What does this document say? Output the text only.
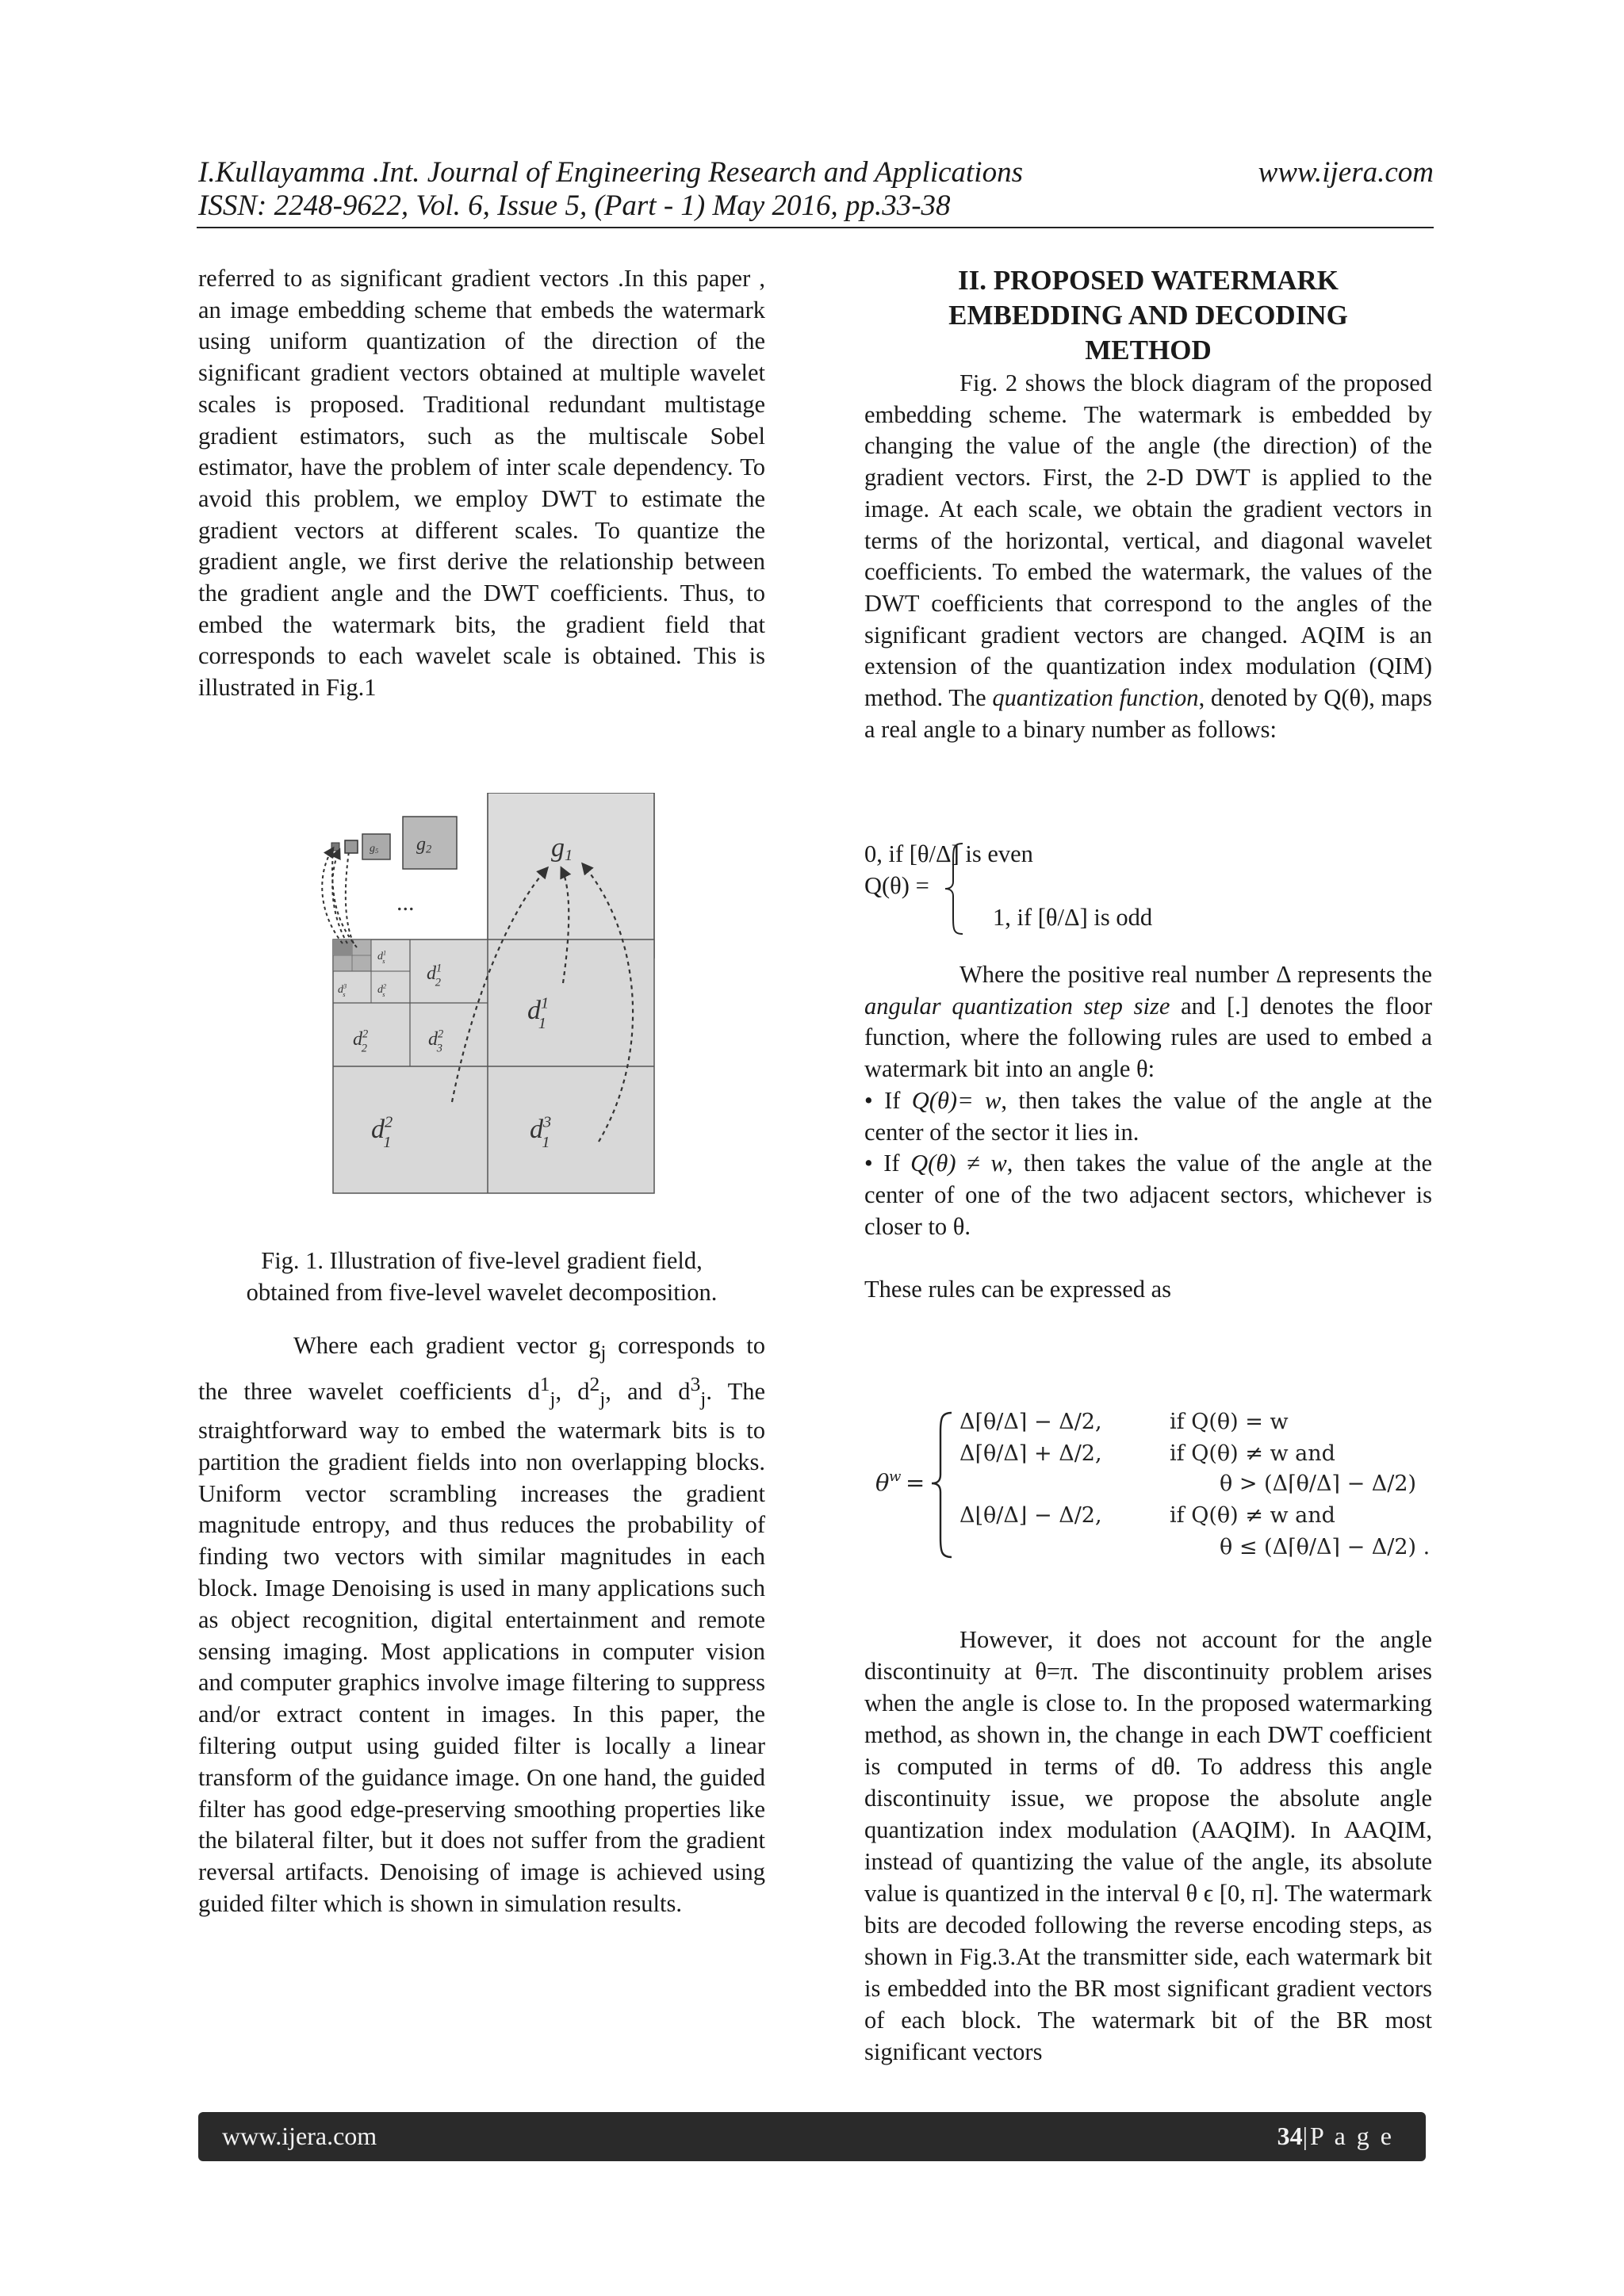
I.Kullayamma .Int. Journal of Engineering Research and Applications	www.ijera.com
ISSN: 2248-9622, Vol. 6, Issue 5, (Part - 1) May 2016, pp.33-38

referred to as significant gradient vectors .In this paper , an image embedding scheme that embeds the watermark using uniform quantization of the direction of the significant gradient vectors obtained at multiple wavelet scales is proposed. Traditional redundant multistage gradient estimators, such as the multiscale Sobel estimator, have the problem of inter scale dependency. To avoid this problem, we employ DWT to estimate the gradient vectors at different scales. To quantize the gradient angle, we first derive the relationship between the gradient angle and the DWT coefficients. Thus, to embed the watermark bits, the gradient field that corresponds to each wavelet scale is obtained. This is illustrated in Fig.1

g5 g2	g1
...
$d^3$ s
$d^1$ s
$d^2$ s
$d^1$ 2
$d^2$ 2	$d^2$ 3
$d^1$ 1
$d^2$ 1	$d^3$ 1
Fig. 1. Illustration of five-level gradient field,
obtained from five-level wavelet decomposition.

Where each gradient vector $g_j$ corresponds to the three wavelet coefficients $d^1_j$, $d^2_j$, and $d^3_j$. The straightforward way to embed the watermark bits is to partition the gradient fields into non overlapping blocks. Uniform vector scrambling increases the gradient magnitude entropy, and thus reduces the probability of finding two vectors with similar magnitudes in each block. Image Denoising is used in many applications such as object recognition, digital entertainment and remote sensing imaging. Most applications in computer vision and computer graphics involve image filtering to suppress and/or extract content in images. In this paper, the filtering output using guided filter is locally a linear transform of the guidance image. On one hand, the guided filter has good edge-preserving smoothing properties like the bilateral filter, but it does not suffer from the gradient reversal artifacts. Denoising of image is achieved using guided filter which is shown in simulation results.

II. PROPOSED WATERMARK

EMBEDDING AND DECODING

METHOD

Fig. 2 shows the block diagram of the proposed embedding scheme. The watermark is embedded by changing the value of the angle (the direction) of the gradient vectors. First, the 2-D DWT is applied to the image. At each scale, we obtain the gradient vectors in terms of the horizontal, vertical, and diagonal wavelet coefficients. To embed the watermark, the values of the DWT coefficients that correspond to the angles of the significant gradient vectors are changed. AQIM is an extension of the quantization index modulation (QIM) method. The quantization function, denoted by Q(θ), maps a real angle to a binary number as follows:

0, if [θ/Δ] is even
Q(θ) =
1, if [θ/Δ] is odd

Where the positive real number Δ represents the angular quantization step size and [.] denotes the floor function, where the following rules are used to embed a watermark bit into an angle θ:

• If Q(θ)= w, then takes the value of the angle at the center of the sector it lies in.

• If Q(θ) ≠ w, then takes the value of the angle at the center of one of the two adjacent sectors, whichever is closer to θ.

These rules can be expressed as

θ w =
Δ⌈θ/Δ⌉ − Δ/2,	if Q(θ) = w
Δ⌈θ/Δ⌉ + Δ/2,	if Q(θ) ≠ w and
θ > (Δ⌈θ/Δ⌉ − Δ/2)
Δ⌊θ/Δ⌋ − Δ/2,	if Q(θ) ≠ w and
θ ≤ (Δ⌈θ/Δ⌉ − Δ/2) .

However, it does not account for the angle discontinuity at θ=π. The discontinuity problem arises when the angle is close to. In the proposed watermarking method, as shown in, the change in each DWT coefficient is computed in terms of dθ. To address this angle discontinuity issue, we propose the absolute angle quantization index modulation (AAQIM). In AAQIM, instead of quantizing the value of the angle, its absolute value is quantized in the interval θ ϵ [0, п]. The watermark bits are decoded following the reverse encoding steps, as shown in Fig.3.At the transmitter side, each watermark bit is embedded into the BR most significant gradient vectors of each block. The watermark bit of the BR most significant vectors

www.ijera.com	34|P a g e
